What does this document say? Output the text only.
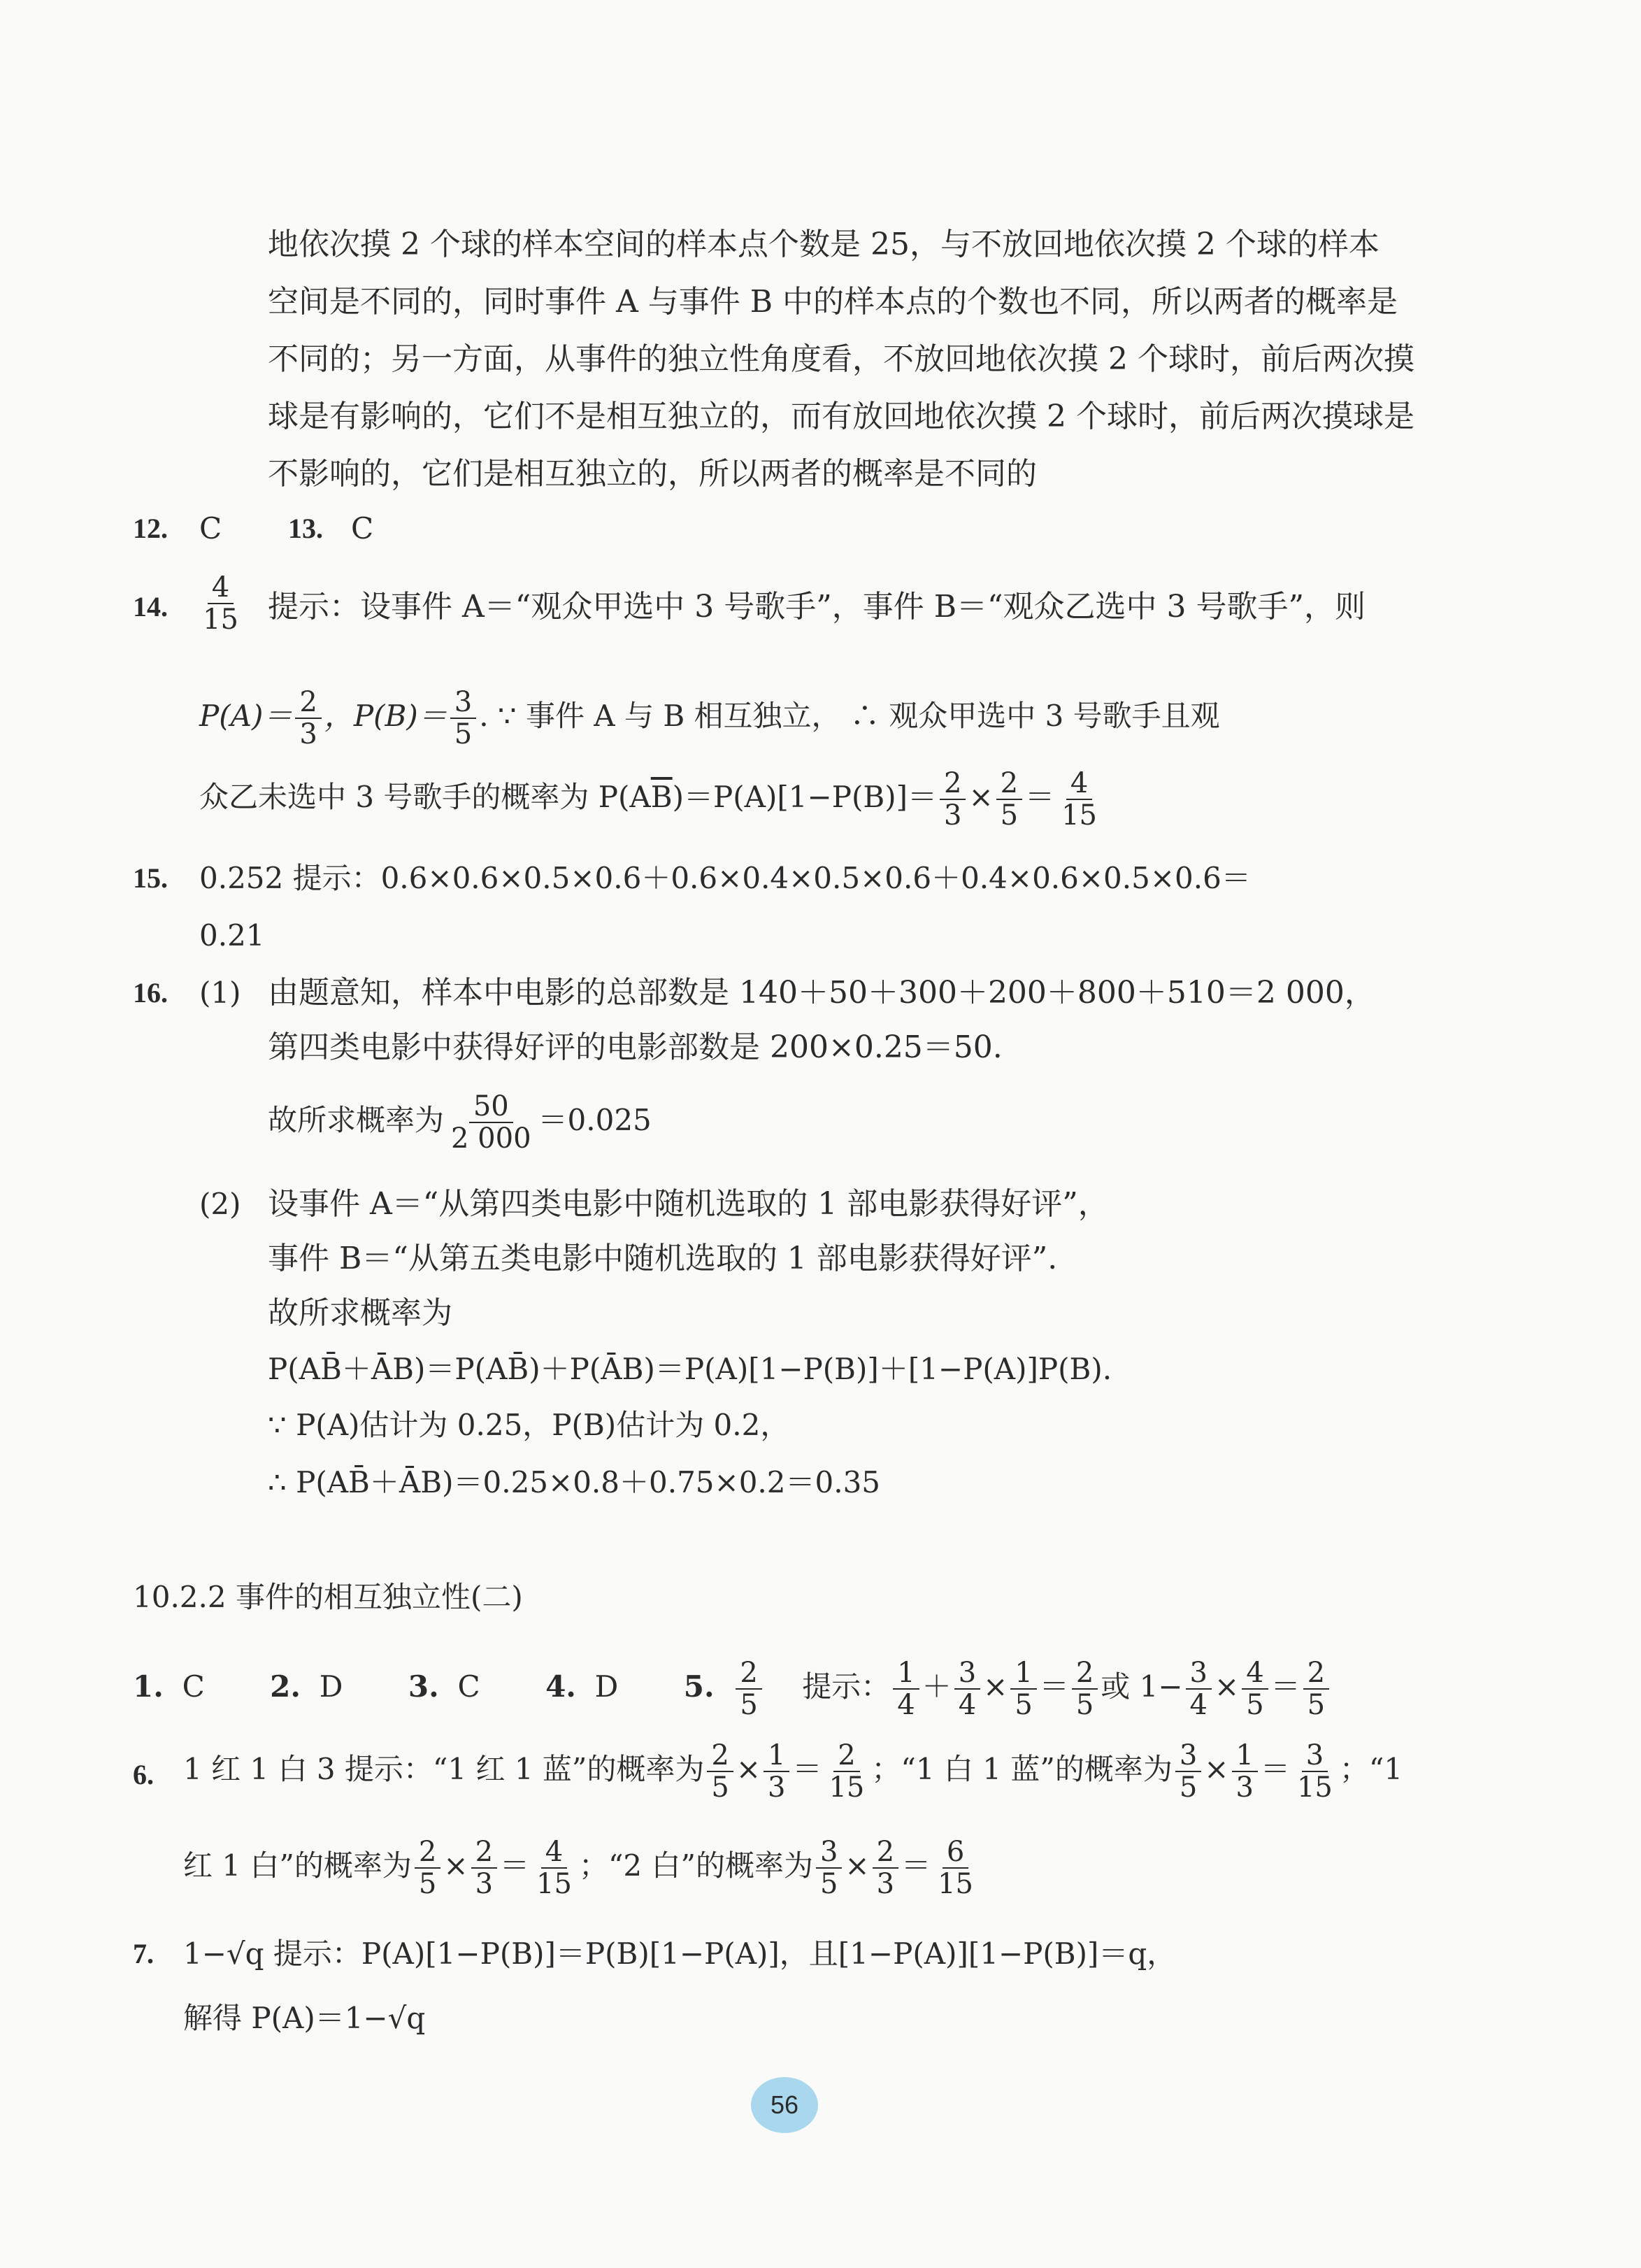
地依次摸 2 个球的样本空间的样本点个数是 25，与不放回地依次摸 2 个球的样本
空间是不同的，同时事件 A 与事件 B 中的样本点的个数也不同，所以两者的概率是
不同的；另一方面，从事件的独立性角度看，不放回地依次摸 2 个球时，前后两次摸
球是有影响的，它们不是相互独立的，而有放回地依次摸 2 个球时，前后两次摸球是
不影响的，它们是相互独立的，所以两者的概率是不同的
12. C 13. C
14. $\frac{4}{15}$ 提示：设事件 A＝“观众甲选中 3 号歌手”，事件 B＝“观众乙选中 3 号歌手”，则
$P(A)= \frac{2}{3}$ ，$P(B)= \frac{3}{5}$ . ∵ 事件 A 与 B 相互独立， ∴ 观众甲选中 3 号歌手且观
众乙未选中 3 号歌手的概率为 $P(A\overline{B})=P(A)[1-P(B)]= \frac{2}{3} \times \frac{2}{5} = \frac{4}{15}$
15. 0.252 提示：0.6×0.6×0.5×0.6＋0.6×0.4×0.5×0.6＋0.4×0.6×0.5×0.6＝
0.21
16. (1) 由题意知，样本中电影的总部数是 140＋50＋300＋200＋800＋510＝2 000，
第四类电影中获得好评的电影部数是 200×0.25＝50.
故所求概率为 $\frac{50}{2 000} =0.025$
(2) 设事件 A＝“从第四类电影中随机选取的 1 部电影获得好评”，
事件 B＝“从第五类电影中随机选取的 1 部电影获得好评”.
故所求概率为
P(AB̄＋ĀB)＝P(AB̄)＋P(ĀB)＝P(A)[1−P(B)]＋[1−P(A)]P(B).
∵ P(A)估计为 0.25，P(B)估计为 0.2，
∴ P(AB̄＋ĀB)＝0.25×0.8＋0.75×0.2＝0.35
10.2.2 事件的相互独立性(二)
1. C 2. D 3. C 4. D 5. $\frac{2}{5}$ 提示： $\frac{1}{4} + \frac{3}{4} \times \frac{1}{5} = \frac{2}{5}$ 或 $1- \frac{3}{4} \times \frac{4}{5} = \frac{2}{5}$
6. 1 红 1 白 3 提示：“1 红 1 蓝”的概率为 $\frac{2}{5} \times \frac{1}{3} = \frac{2}{15}$ ；“1 白 1 蓝”的概率为 $\frac{3}{5} \times \frac{1}{3} = \frac{3}{15}$ ；“1
红 1 白”的概率为 $\frac{2}{5} \times \frac{2}{3} = \frac{4}{15}$ ；“2 白”的概率为 $\frac{3}{5} \times \frac{2}{3} = \frac{6}{15}$
7. 1−√q 提示：P(A)[1−P(B)]＝P(B)[1−P(A)]，且[1−P(A)][1−P(B)]＝q，
解得 P(A)＝1−√q
56
